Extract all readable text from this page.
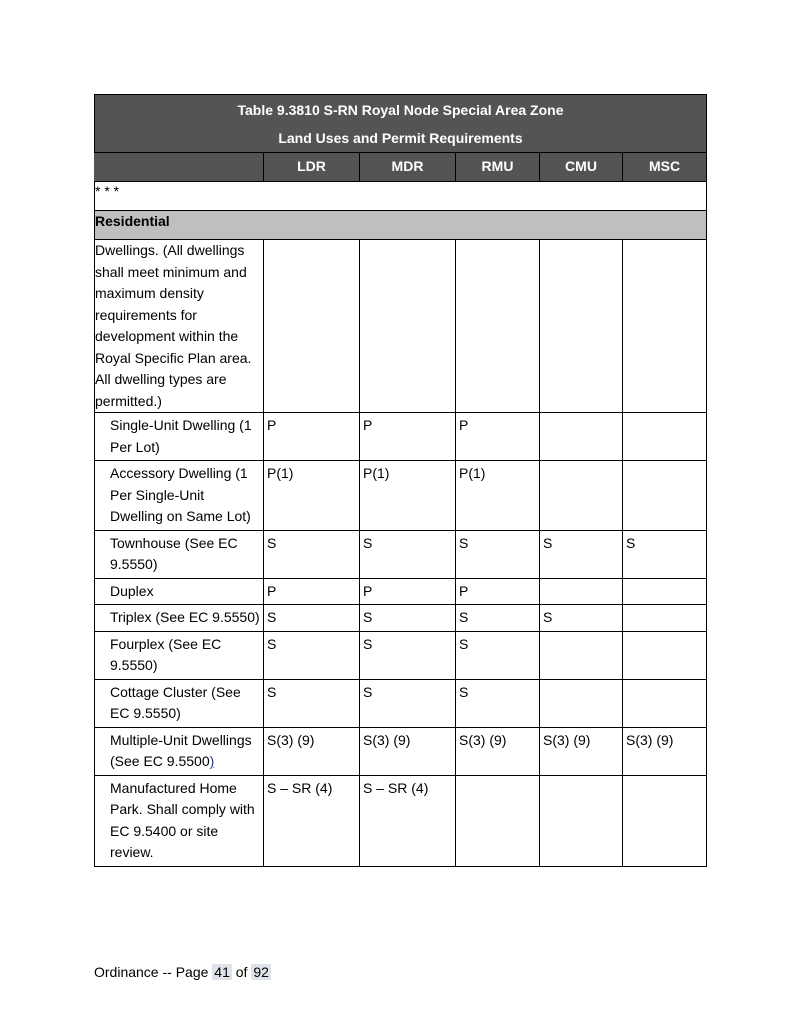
Table 9.3810 S-RN Royal Node Special Area Zone
Land Uses and Permit Requirements					

	LDR	MDR	RMU	CMU	MSC
* * *					
Residential					
Dwellings. (All dwellings shall meet minimum and maximum density requirements for development within the Royal Specific Plan area. All dwelling types are permitted.)					
Single-Unit Dwelling (1 Per Lot)	P	P	P		
Accessory Dwelling (1 Per Single-Unit Dwelling on Same Lot)	P(1)	P(1)	P(1)		
Townhouse (See EC 9.5550)	S	S	S	S	S
Duplex	P	P	P		
Triplex (See EC 9.5550)	S	S	S	S	
Fourplex (See EC 9.5550)	S	S	S		
Cottage Cluster (See EC 9.5550)	S	S	S		
Multiple-Unit Dwellings (See EC 9.5500)	S(3) (9)	S(3) (9)	S(3) (9)	S(3) (9)	S(3) (9)
Manufactured Home Park. Shall comply with EC 9.5400 or site review.	S – SR (4)	S – SR (4)			
Ordinance -- Page 41 of 92
